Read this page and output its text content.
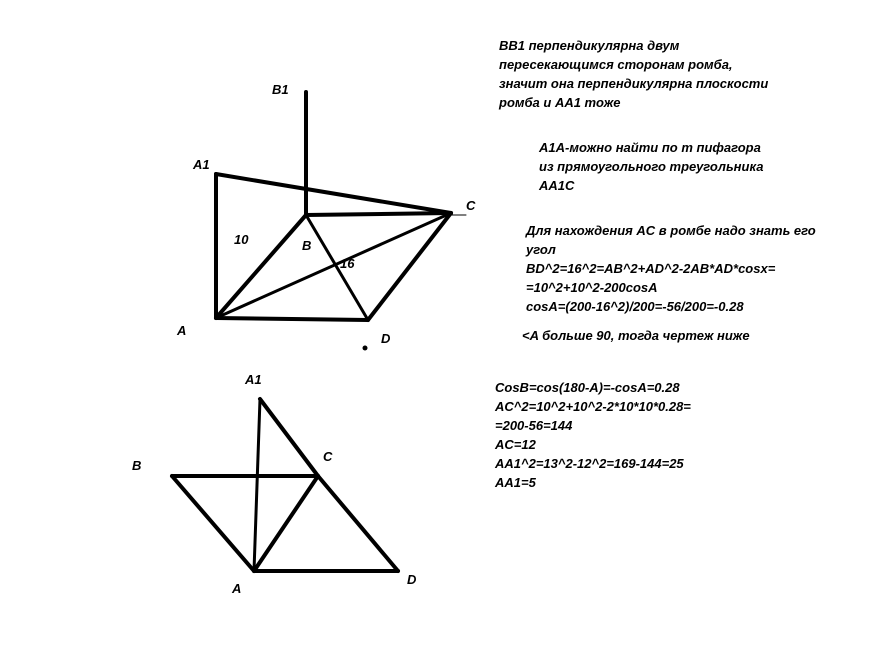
B1
A1
B
C
A
D
10
16
A1
B
C
A
D
BB1 перпендикулярна двум
пересекающимся сторонам ромба,
значит она перпендикулярна плоскости
ромба и AA1 тоже
A1A-можно найти по т пифагора
из прямоугольного треугольника
AA1C
Для нахождения AC в ромбе надо знать его
угол
BD^2=16^2=AB^2+AD^2-2AB*AD*cosx=
=10^2+10^2-200cosA
cosA=(200-16^2)/200=-56/200=-0.28
<A больше 90, тогда чертеж ниже
CosB=cos(180-A)=-cosA=0.28
AC^2=10^2+10^2-2*10*10*0.28=
=200-56=144
AC=12
AA1^2=13^2-12^2=169-144=25
AA1=5
